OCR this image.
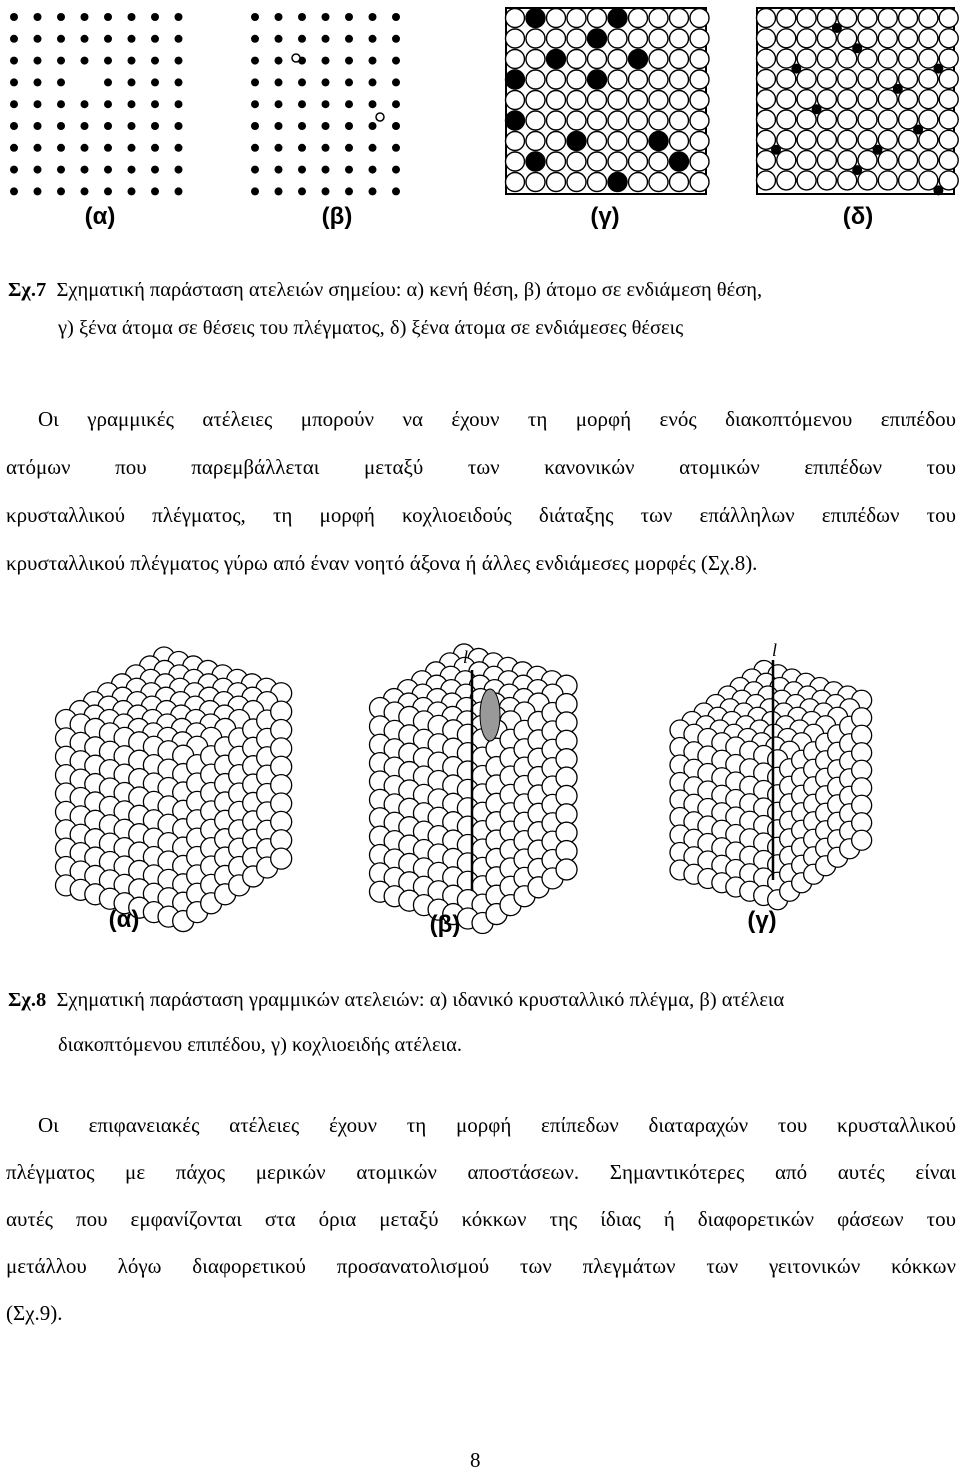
(α)	(β)	(γ)	(δ)
Σχ.7 Σχηματική παράσταση ατελειών σημείου: α) κενή θέση, β) άτομο σε ενδιάμεση θέση,
γ) ξένα άτομα σε θέσεις του πλέγματος, δ) ξένα άτομα σε ενδιάμεσες θέσεις
Οι γραμμικές ατέλειες μπορούν να έχουν τη μορφή ενός διακοπτόμενου επιπέδου
ατόμων που παρεμβάλλεται μεταξύ των κανονικών ατομικών επιπέδων του
κρυσταλλικού πλέγματος, τη μορφή κοχλιοειδούς διάταξης των επάλληλων επιπέδων του
κρυσταλλικού πλέγματος γύρω από έναν νοητό άξονα ή άλλες ενδιάμεσες μορφές (Σχ.8).
l	l
(α)	(β)	(γ)
Σχ.8 Σχηματική παράσταση γραμμικών ατελειών: α) ιδανικό κρυσταλλικό πλέγμα, β) ατέλεια
διακοπτόμενου επιπέδου, γ) κοχλιοειδής ατέλεια.
Οι επιφανειακές ατέλειες έχουν τη μορφή επίπεδων διαταραχών του κρυσταλλικού
πλέγματος με πάχος μερικών ατομικών αποστάσεων. Σημαντικότερες από αυτές είναι
αυτές που εμφανίζονται στα όρια μεταξύ κόκκων της ίδιας ή διαφορετικών φάσεων του
μετάλλου λόγω διαφορετικού προσανατολισμού των πλεγμάτων των γειτονικών κόκκων
(Σχ.9).
8
